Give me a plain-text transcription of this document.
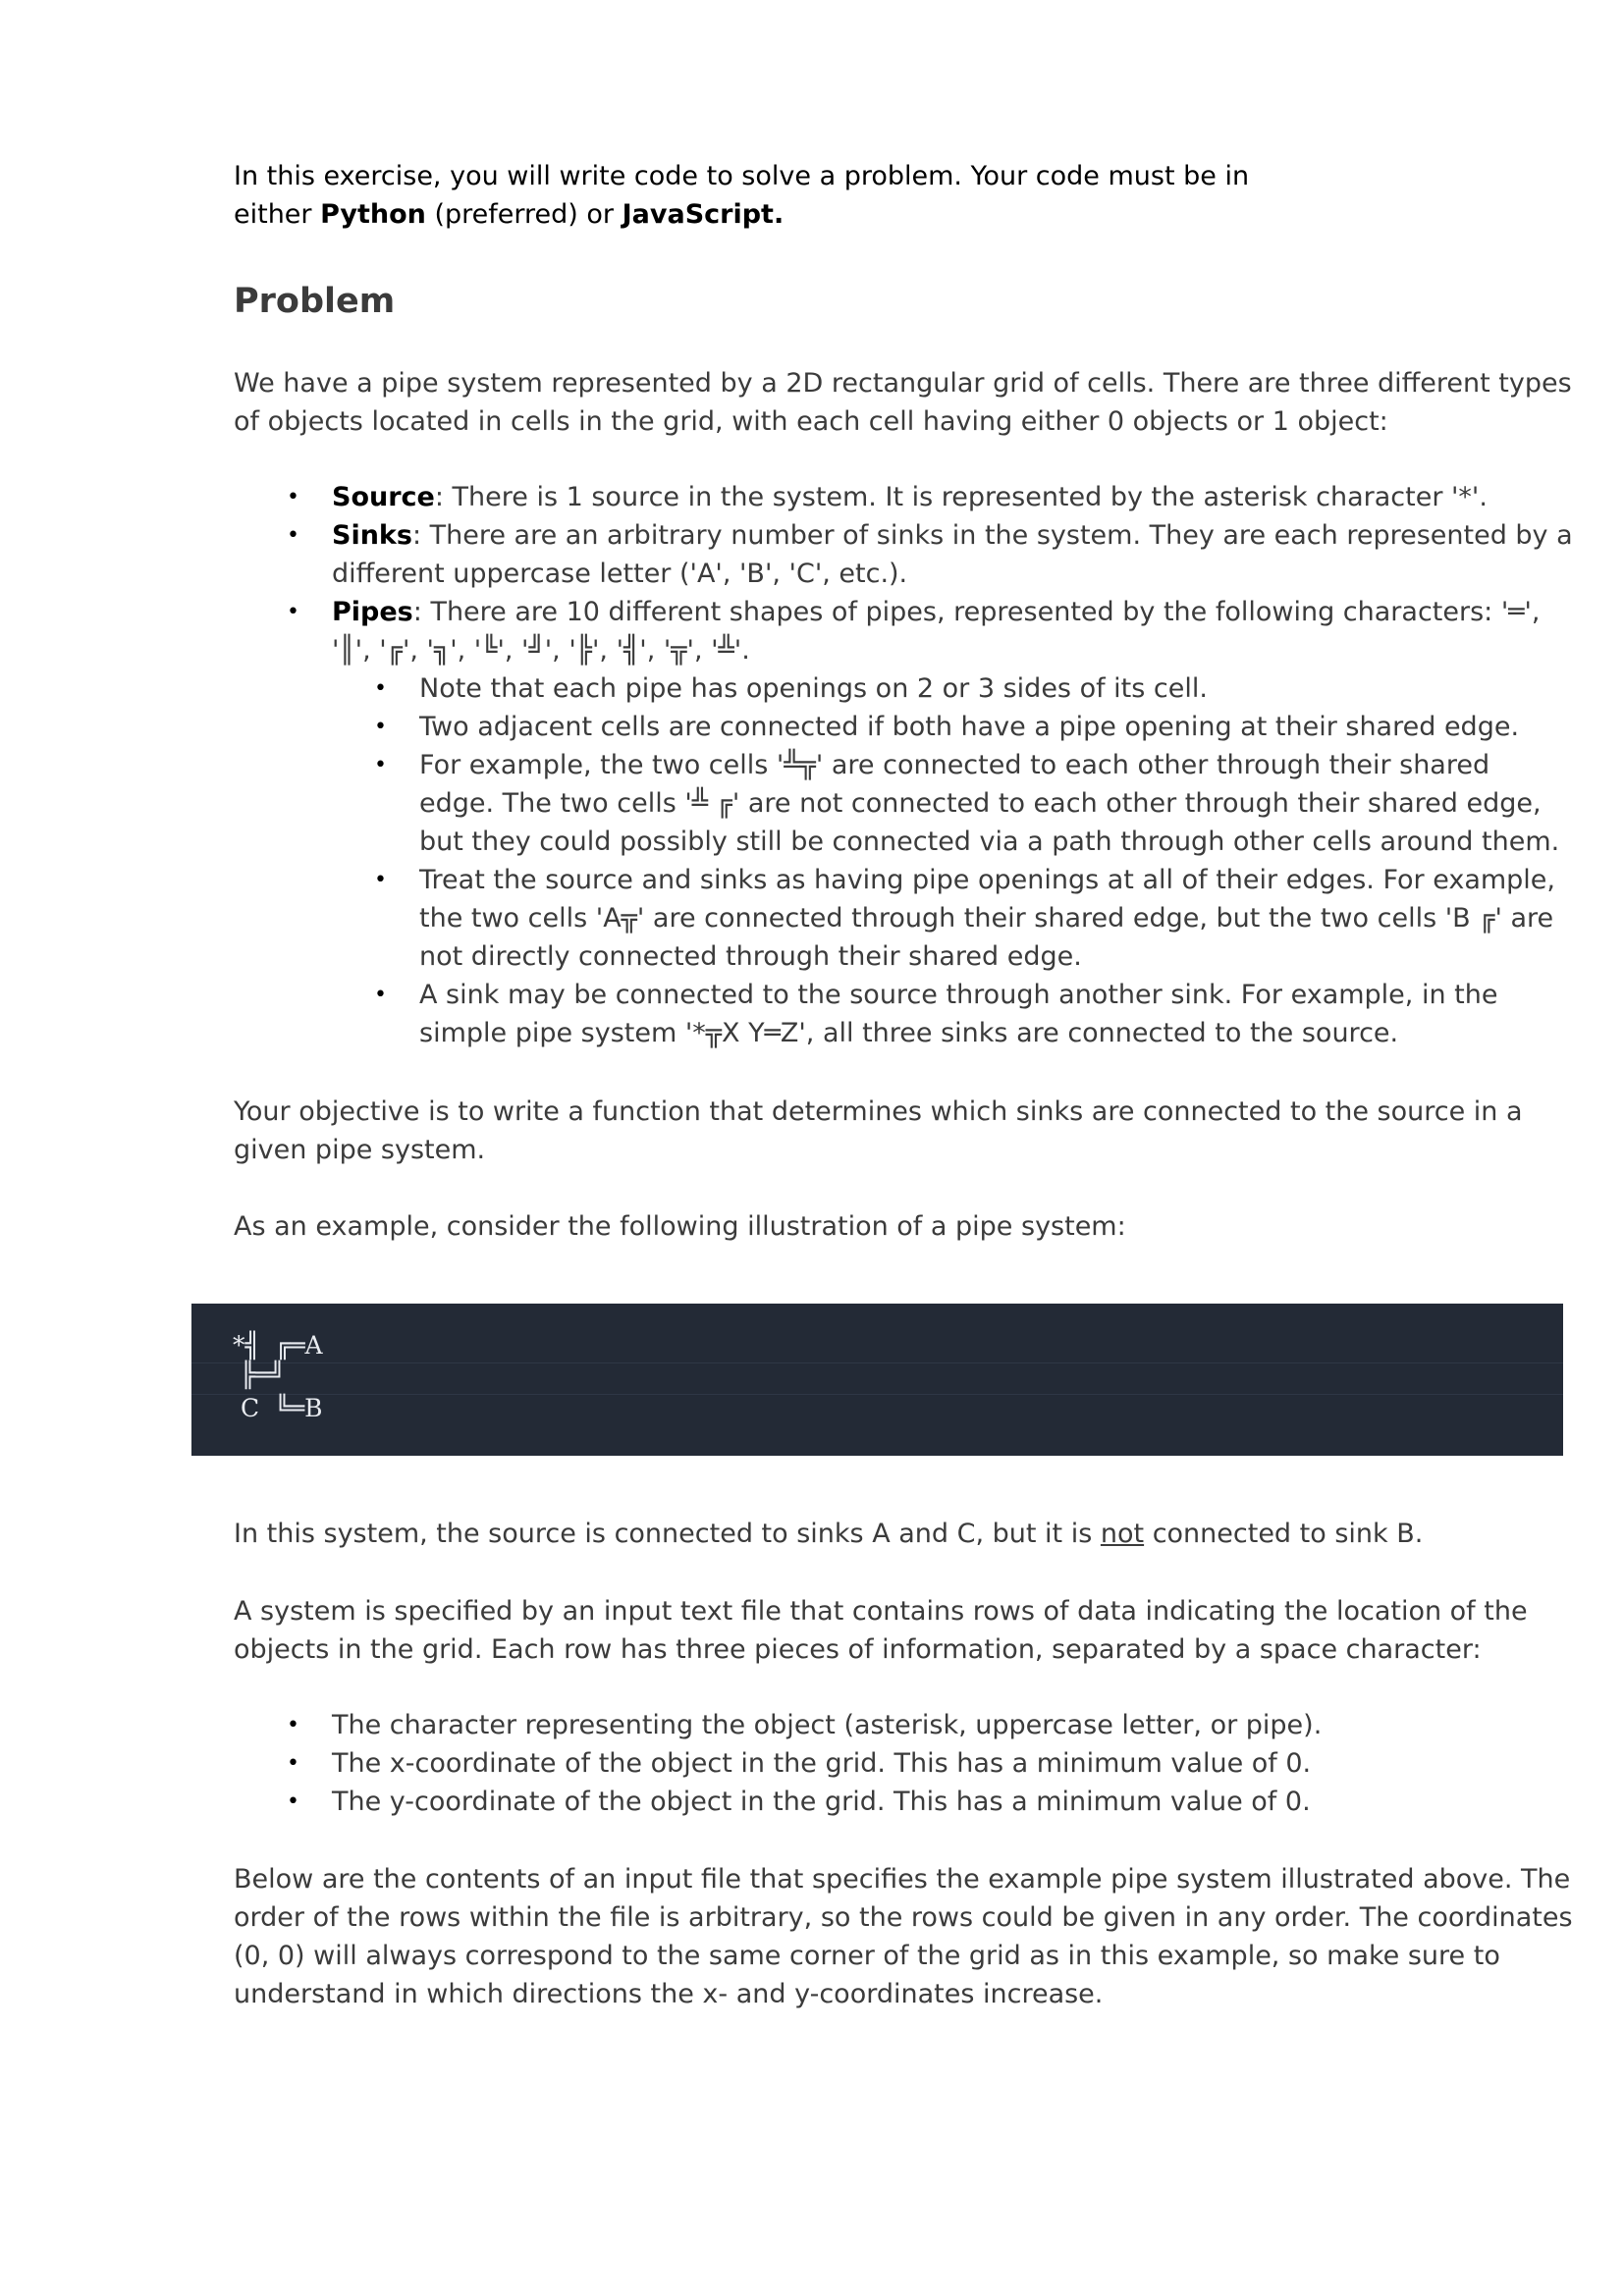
In this exercise, you will write code to solve a problem. Your code must be in
either Python (preferred) or JavaScript.
Problem
We have a pipe system represented by a 2D rectangular grid of cells. There are three different types
of objects located in cells in the grid, with each cell having either 0 objects or 1 object:
• Source: There is 1 source in the system. It is represented by the asterisk character '*'.
• Sinks: There are an arbitrary number of sinks in the system. They are each represented by a
different uppercase letter ('A', 'B', 'C', etc.).
• Pipes: There are 10 different shapes of pipes, represented by the following characters: '═',
'║', '╔', '╗', '╚', '╝', '╠', '╣', '╦', '╩'.
• Note that each pipe has openings on 2 or 3 sides of its cell.
• Two adjacent cells are connected if both have a pipe opening at their shared edge.
• For example, the two cells '╩╦' are connected to each other through their shared
edge. The two cells '╩ ╔' are not connected to each other through their shared edge,
but they could possibly still be connected via a path through other cells around them.
• Treat the source and sinks as having pipe openings at all of their edges. For example,
the two cells 'A╦' are connected through their shared edge, but the two cells 'B ╔' are
not directly connected through their shared edge.
• A sink may be connected to the source through another sink. For example, in the
simple pipe system '*╦X Y═Z', all three sinks are connected to the source.
Your objective is to write a function that determines which sinks are connected to the source in a
given pipe system.
As an example, consider the following illustration of a pipe system:
*╣  ╔═A
╠═╝
C  ╚═B
In this system, the source is connected to sinks A and C, but it is not connected to sink B.
A system is specified by an input text file that contains rows of data indicating the location of the
objects in the grid. Each row has three pieces of information, separated by a space character:
• The character representing the object (asterisk, uppercase letter, or pipe).
• The x-coordinate of the object in the grid. This has a minimum value of 0.
• The y-coordinate of the object in the grid. This has a minimum value of 0.
Below are the contents of an input file that specifies the example pipe system illustrated above. The
order of the rows within the file is arbitrary, so the rows could be given in any order. The coordinates
(0, 0) will always correspond to the same corner of the grid as in this example, so make sure to
understand in which directions the x- and y-coordinates increase.
